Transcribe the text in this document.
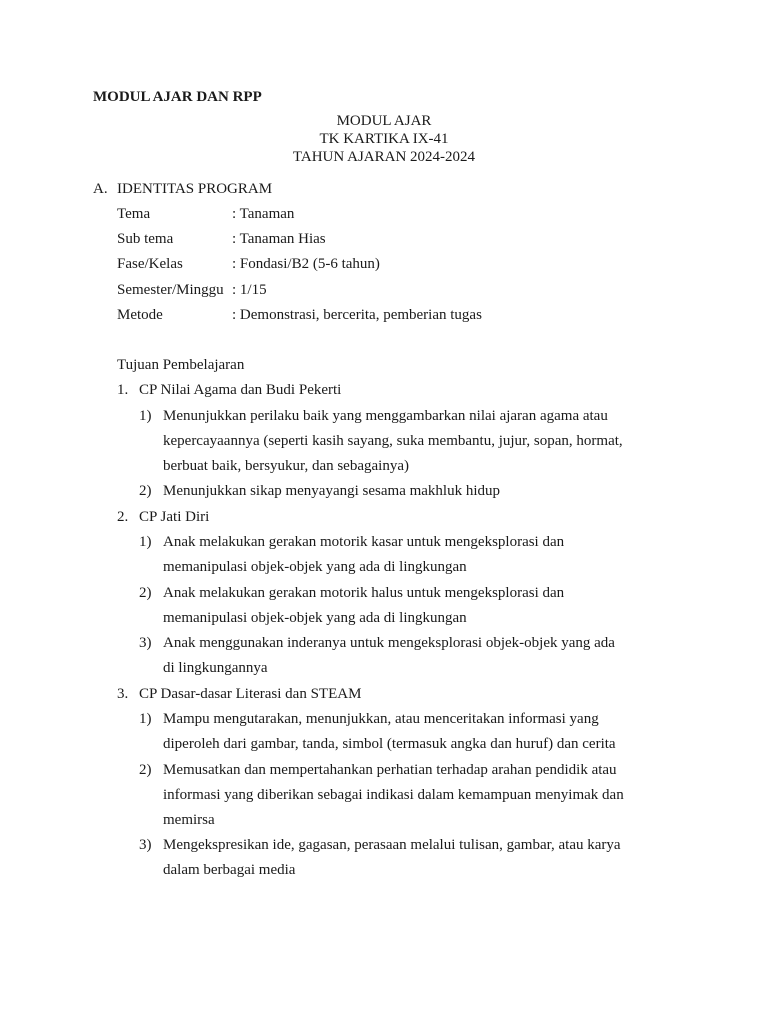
MODUL AJAR DAN RPP
MODUL AJAR
TK KARTIKA IX-41
TAHUN AJARAN 2024-2024
A. IDENTITAS PROGRAM
Tema	: Tanaman
Sub tema	: Tanaman Hias
Fase/Kelas	: Fondasi/B2 (5-6 tahun)
Semester/Minggu : 1/15
Metode	: Demonstrasi, bercerita, pemberian tugas
Tujuan Pembelajaran
1. CP Nilai Agama dan Budi Pekerti
1) Menunjukkan perilaku baik yang menggambarkan nilai ajaran agama atau
kepercayaannya (seperti kasih sayang, suka membantu, jujur, sopan, hormat,
berbuat baik, bersyukur, dan sebagainya)
2) Menunjukkan sikap menyayangi sesama makhluk hidup
2. CP Jati Diri
1) Anak melakukan gerakan motorik kasar untuk mengeksplorasi dan
memanipulasi objek-objek yang ada di lingkungan
2) Anak melakukan gerakan motorik halus untuk mengeksplorasi dan
memanipulasi objek-objek yang ada di lingkungan
3) Anak menggunakan inderanya untuk mengeksplorasi objek-objek yang ada
di lingkungannya
3. CP Dasar-dasar Literasi dan STEAM
1) Mampu mengutarakan, menunjukkan, atau menceritakan informasi yang
diperoleh dari gambar, tanda, simbol (termasuk angka dan huruf) dan cerita
2) Memusatkan dan mempertahankan perhatian terhadap arahan pendidik atau
informasi yang diberikan sebagai indikasi dalam kemampuan menyimak dan
memirsa
3) Mengekspresikan ide, gagasan, perasaan melalui tulisan, gambar, atau karya
dalam berbagai media
